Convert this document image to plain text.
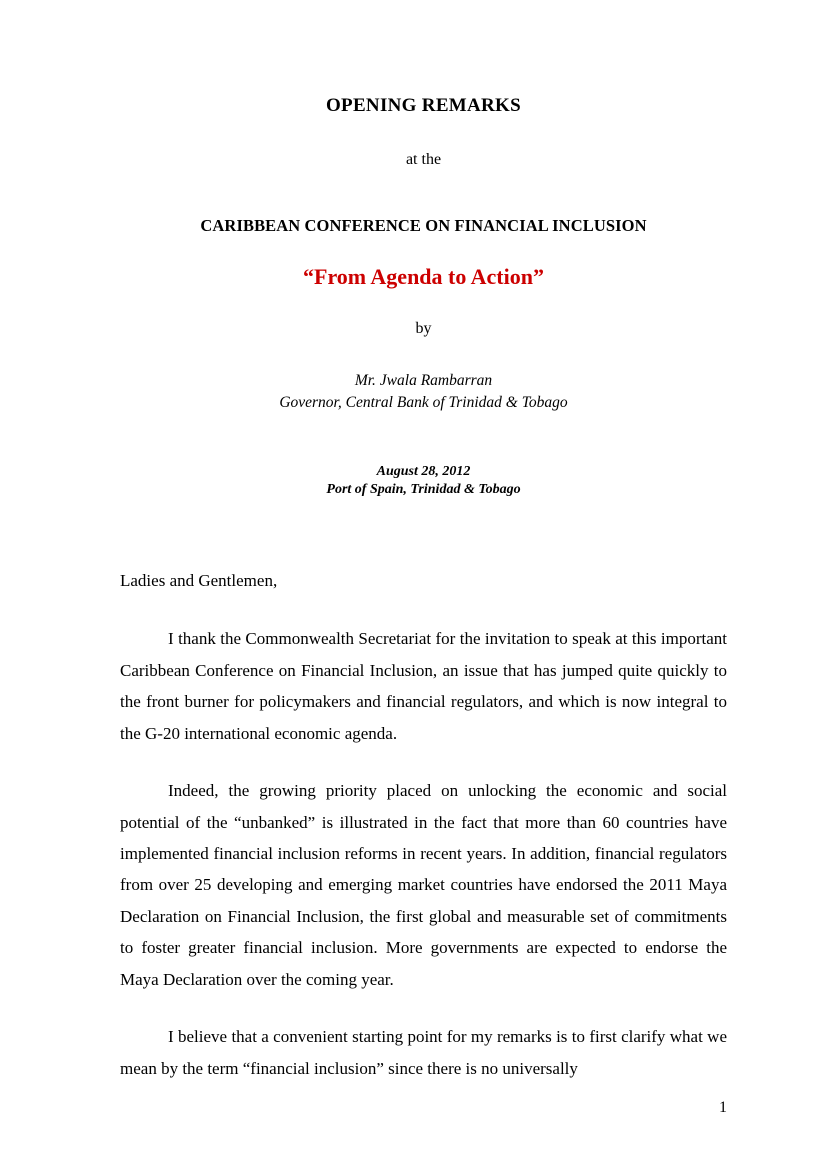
OPENING REMARKS
at the
CARIBBEAN CONFERENCE ON FINANCIAL INCLUSION
“From Agenda to Action”
by
Mr. Jwala Rambarran
Governor, Central Bank of Trinidad & Tobago
August 28, 2012
Port of Spain, Trinidad & Tobago
Ladies and Gentlemen,

I thank the Commonwealth Secretariat for the invitation to speak at this important Caribbean Conference on Financial Inclusion, an issue that has jumped quite quickly to the front burner for policymakers and financial regulators, and which is now integral to the G-20 international economic agenda.

Indeed, the growing priority placed on unlocking the economic and social potential of the “unbanked” is illustrated in the fact that more than 60 countries have implemented financial inclusion reforms in recent years. In addition, financial regulators from over 25 developing and emerging market countries have endorsed the 2011 Maya Declaration on Financial Inclusion, the first global and measurable set of commitments to foster greater financial inclusion. More governments are expected to endorse the Maya Declaration over the coming year.

I believe that a convenient starting point for my remarks is to first clarify what we mean by the term “financial inclusion” since there is no universally

1
